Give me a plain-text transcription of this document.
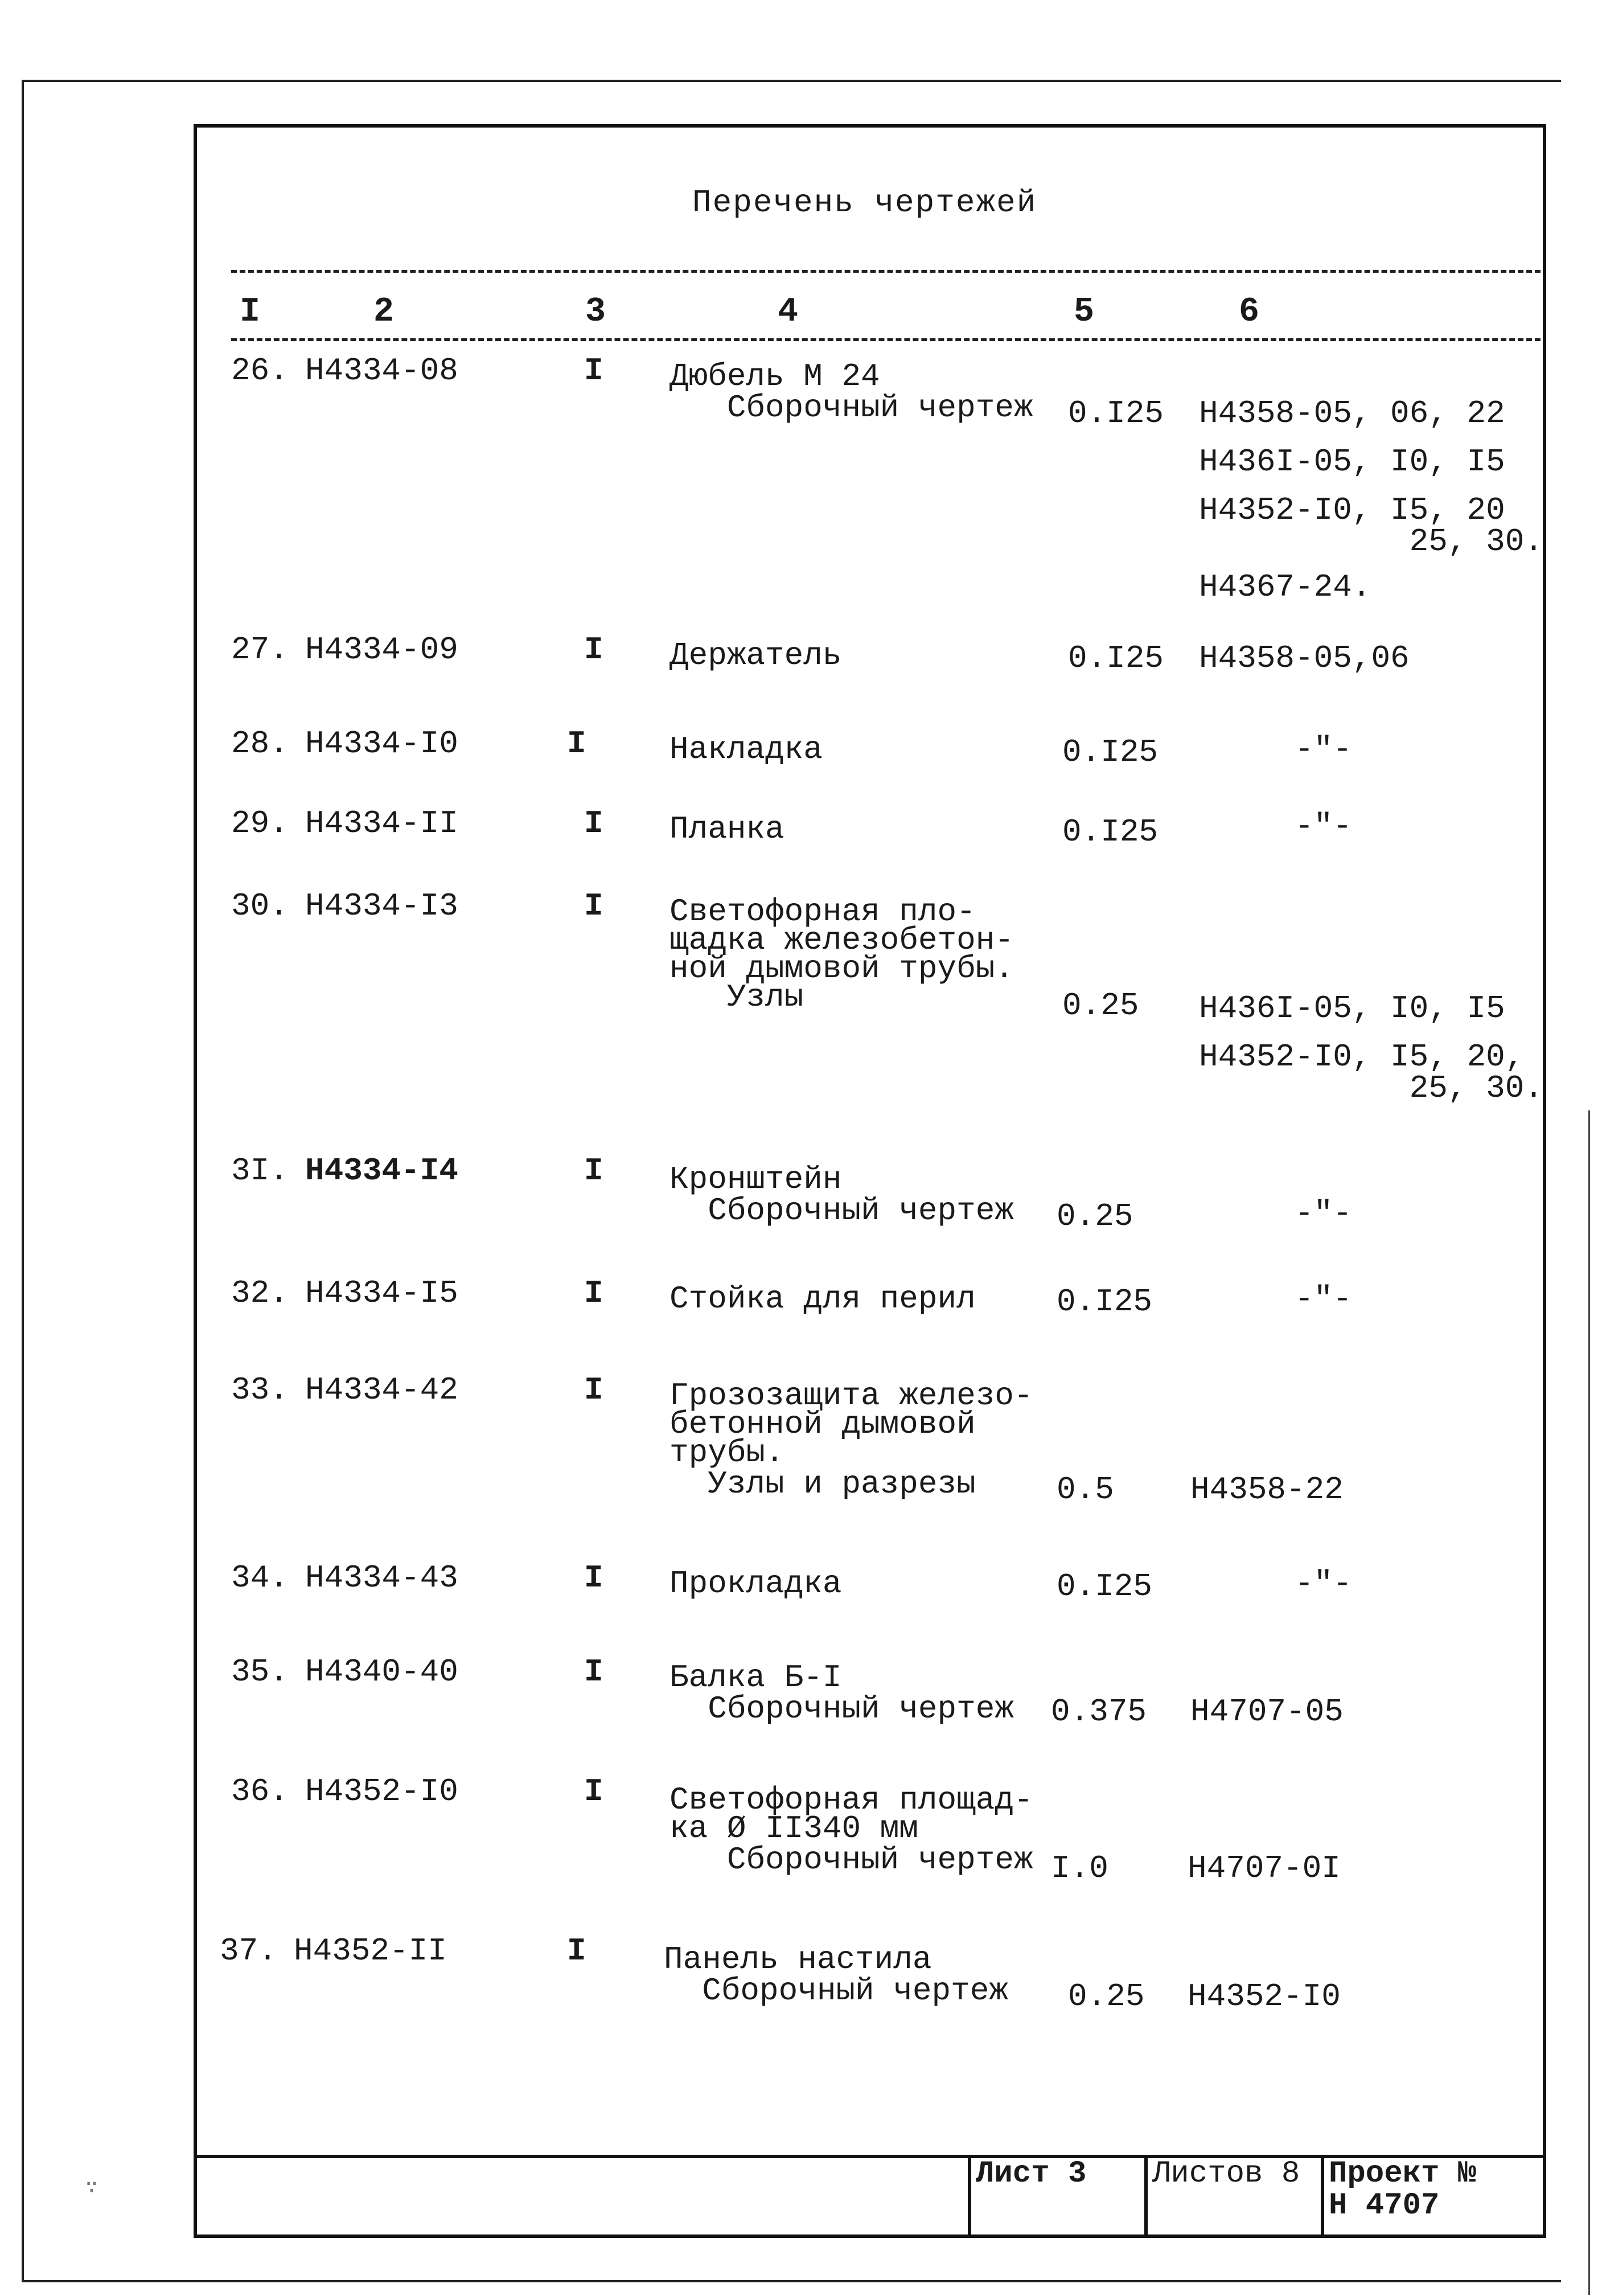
Перечень чертежей
I	2	3	4	5	6
26. H4334-08	I Дюбель М 24
Сборочный чертеж 0.I25 H4358-05, 06, 22
H436I-05, I0, I5
H4352-I0, I5, 20
25, 30.
H4367-24.
27. H4334-09	I Держатель	0.I25 H4358-05,06
28. H4334-I0	I	Накладка	0.I25 -"-
29. H4334-II	I Планка	0.I25 -"-
30. H4334-I3	I Светофорная пло-
щадка железобетон-
ной дымовой трубы.
Узлы	0.25 H436I-05, I0, I5
H4352-I0, I5, 20,
25, 30.
3I. H4334-I4	I Кронштейн
Сборочный чертеж 0.25 -"-
32. H4334-I5	I Стойка для перил	0.I25 -"-
33. H4334-42	I Грозозащита железо-
бетонной дымовой
трубы.
Узлы и разрезы	0.5 H4358-22
34. H4334-43	I Прокладка	0.I25 -"-
35. H4340-40	I Балка Б-I
Сборочный чертеж 0.375 H4707-05
36. H4352-I0	I Светофорная площад-
ка Ø II340 мм
Сборочный чертеж I.0 H4707-0I
37. H4352-II	I Панель настила
Сборочный чертеж 0.25 H4352-I0
Лист 3	Листов 8 Проект №
H 4707
∵
